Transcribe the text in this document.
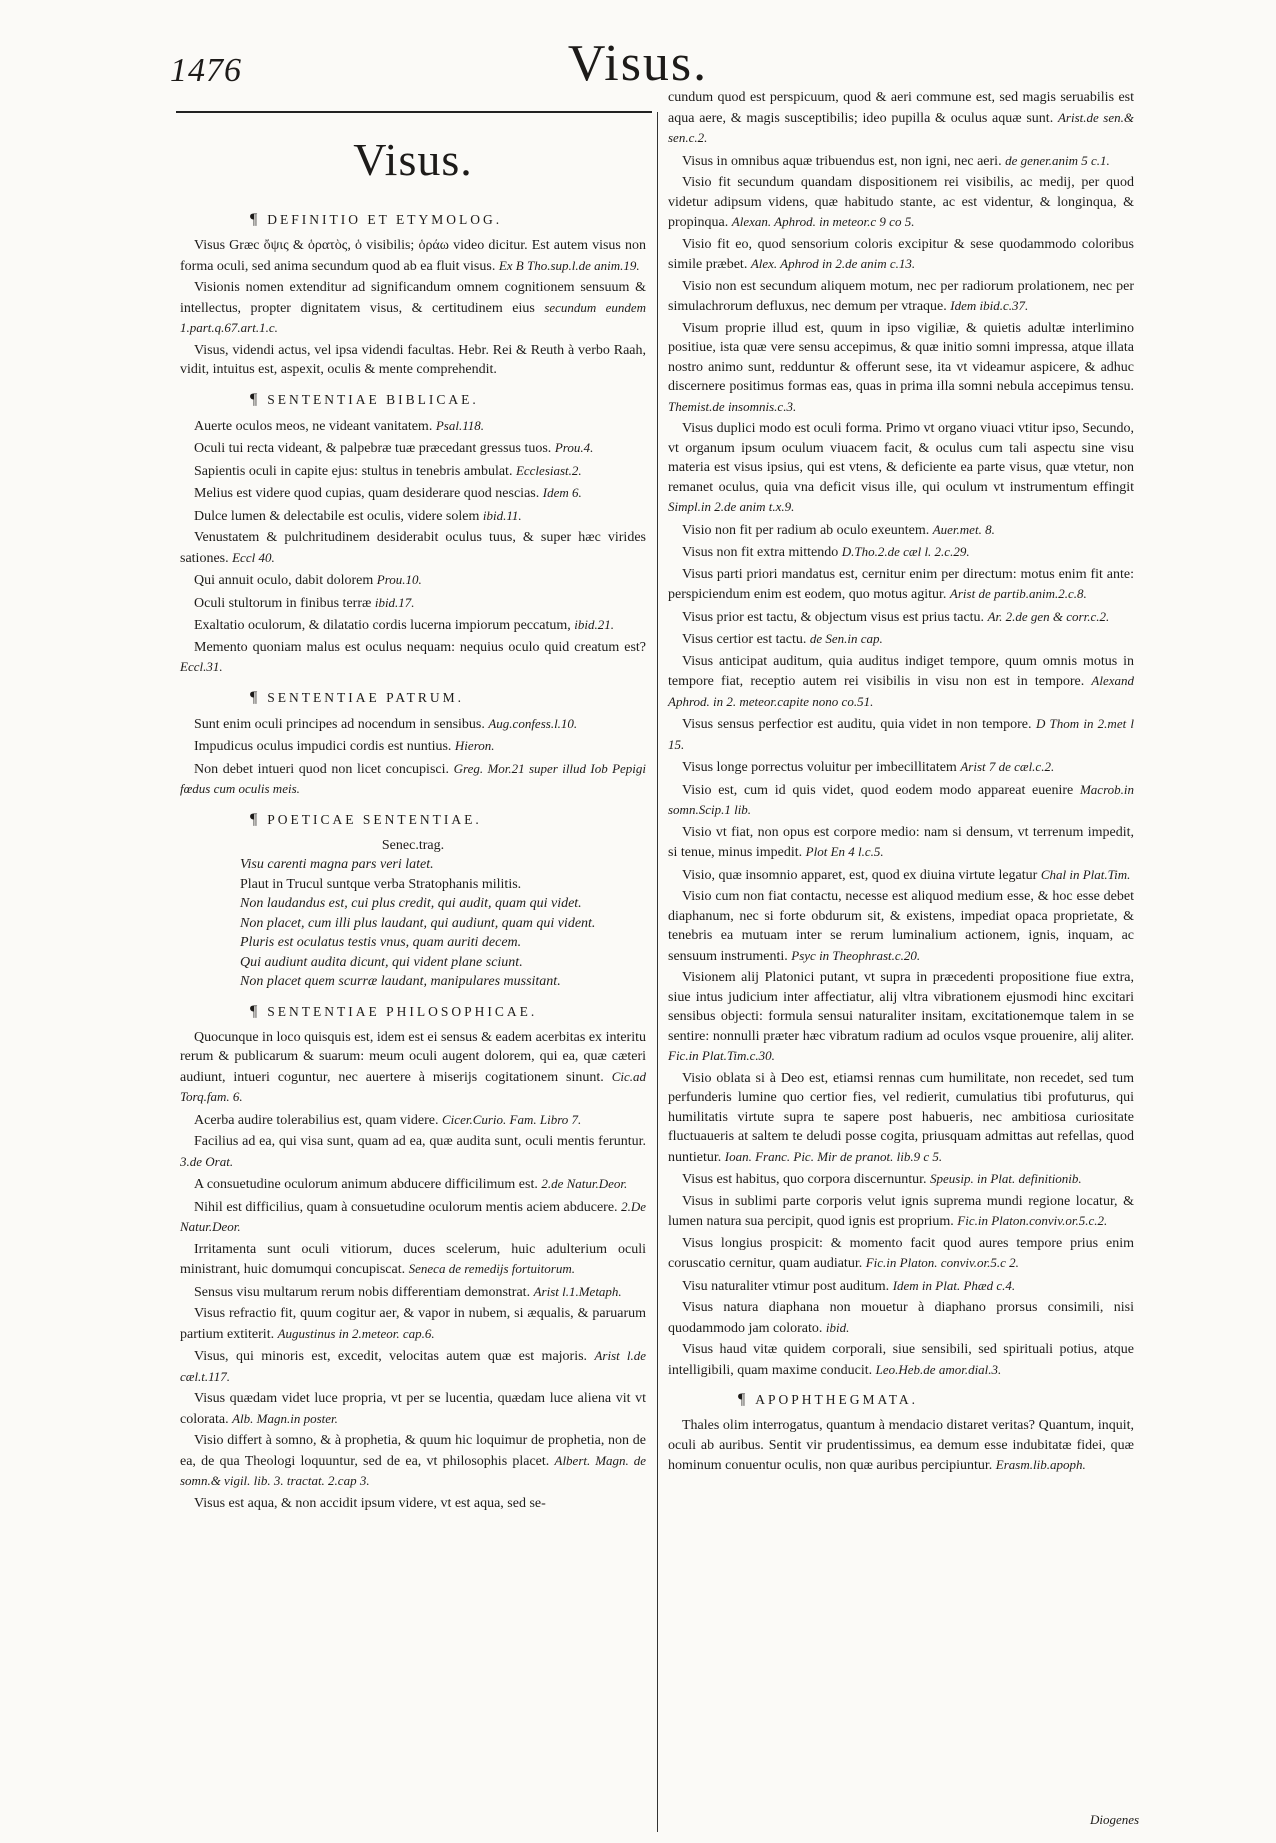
1476	Visus.
Visus.
¶ DEFINITIO ET ETYMOLOG.
Visus Græc ὄψις & ὁρατὸς, ὁ visibilis; ὁράω video dicitur. Est autem visus non forma oculi, sed anima secundum quod ab ea fluit visus. Ex B Tho.sup.l.de anim.19.
Visionis nomen extenditur ad significandum omnem cognitionem sensuum & intellectus, propter dignitatem visus, & certitudinem eius secundum eundem 1.part.q.67.art.1.c.
Visus, videndi actus, vel ipsa videndi facultas. Hebr. Rei & Reuth à verbo Raah, vidit, intuitus est, aspexit, oculis & mente comprehendit.
¶ SENTENTIAE BIBLICAE.
Auerte oculos meos, ne videant vanitatem. Psal.118.
Oculi tui recta videant, & palpebræ tuæ præcedant gressus tuos. Prou.4.
Sapientis oculi in capite ejus: stultus in tenebris ambulat. Ecclesiast.2.
Melius est videre quod cupias, quam desiderare quod nescias. Idem 6.
Dulce lumen & delectabile est oculis, videre solem ibid.11.
Venustatem & pulchritudinem desiderabit oculus tuus, & super hæc virides sationes. Eccl 40.
Qui annuit oculo, dabit dolorem Prou.10.
Oculi stultorum in finibus terræ ibid.17.
Exaltatio oculorum, & dilatatio cordis lucerna impiorum peccatum, ibid.21.
Memento quoniam malus est oculus nequam: nequius oculo quid creatum est? Eccl.31.
¶ SENTENTIAE PATRUM.
Sunt enim oculi principes ad nocendum in sensibus. Aug.confess.l.10.
Impudicus oculus impudici cordis est nuntius. Hieron.
Non debet intueri quod non licet concupisci. Greg. Mor.21 super illud Iob Pepigi fœdus cum oculis meis.
¶ POETICAE SENTENTIAE.
Senec.trag.
Visu carenti magna pars veri latet.
Plaut in Trucul suntque verba Stratophanis militis.
Non laudandus est, cui plus credit, qui audit, quam qui videt.
Non placet, cum illi plus laudant, qui audiunt, quam qui vident.
Pluris est oculatus testis vnus, quam auriti decem.
Qui audiunt audita dicunt, qui vident plane sciunt.
Non placet quem scurræ laudant, manipulares mussitant.
¶ SENTENTIAE PHILOSOPHICAE.
Quocunque in loco quisquis est, idem est ei sensus & eadem acerbitas ex interitu rerum & publicarum & suarum: meum oculi augent dolorem, qui ea, quæ cæteri audiunt, intueri coguntur, nec auertere à miserijs cogitationem sinunt. Cic.ad Torq.fam. 6.
Acerba audire tolerabilius est, quam videre. Cicer.Curio. Fam. Libro 7.
Facilius ad ea, qui visa sunt, quam ad ea, quæ audita sunt, oculi mentis feruntur. 3.de Orat.
A consuetudine oculorum animum abducere difficilimum est. 2.de Natur.Deor.
Nihil est difficilius, quam à consuetudine oculorum mentis aciem abducere. 2.De Natur.Deor.
Irritamenta sunt oculi vitiorum, duces scelerum, huic adulterium oculi ministrant, huic domumqui concupiscat. Seneca de remedijs fortuitorum.
Sensus visu multarum rerum nobis differentiam demonstrat. Arist l.1.Metaph.
Visus refractio fit, quum cogitur aer, & vapor in nubem, si æqualis, & paruarum partium extiterit. Augustinus in 2.meteor. cap.6.
Visus, qui minoris est, excedit, velocitas autem quæ est majoris. Arist l.de cæl.t.117.
Visus quædam videt luce propria, vt per se lucentia, quædam luce aliena vit vt colorata. Alb. Magn.in poster.
Visio differt à somno, & à prophetia, & quum hic loquimur de prophetia, non de ea, de qua Theologi loquuntur, sed de ea, vt philosophis placet. Albert. Magn. de somn.& vigil. lib. 3. tractat. 2.cap 3.
Visus est aqua, & non accidit ipsum videre, vt est aqua, sed se-
cundum quod est perspicuum, quod & aeri commune est, sed magis seruabilis est aqua aere, & magis susceptibilis; ideo pupilla & oculus aquæ sunt. Arist.de sen.& sen.c.2.
Visus in omnibus aquæ tribuendus est, non igni, nec aeri. de gener.anim 5 c.1.
Visio fit secundum quandam dispositionem rei visibilis, ac medij, per quod videtur adipsum videns, quæ habitudo stante, ac est videntur, & longinqua, & propinqua. Alexan. Aphrod. in meteor.c 9 co 5.
Visio fit eo, quod sensorium coloris excipitur & sese quodammodo coloribus simile præbet. Alex. Aphrod in 2.de anim c.13.
Visio non est secundum aliquem motum, nec per radiorum prolationem, nec per simulachrorum defluxus, nec demum per vtraque. Idem ibid.c.37.
Visum proprie illud est, quum in ipso vigiliæ, & quietis adultæ interlimino positiue, ista quæ vere sensu accepimus, & quæ initio somni impressa, atque illata nostro animo sunt, redduntur & offerunt sese, ita vt videamur aspicere, & adhuc discernere positimus formas eas, quas in prima illa somni nebula accepimus tensu. Themist.de insomnis.c.3.
Visus duplici modo est oculi forma. Primo vt organo viuaci vtitur ipso, Secundo, vt organum ipsum oculum viuacem facit, & oculus cum tali aspectu sine visu materia est visus ipsius, qui est vtens, & deficiente ea parte visus, quæ vtetur, non remanet oculus, quia vna deficit visus ille, qui oculum vt instrumentum effingit Simpl.in 2.de anim t.x.9.
Visio non fit per radium ab oculo exeuntem. Auer.met. 8.
Visus non fit extra mittendo D.Tho.2.de cæl l. 2.c.29.
Visus parti priori mandatus est, cernitur enim per directum: motus enim fit ante: perspiciendum enim est eodem, quo motus agitur. Arist de partib.anim.2.c.8.
Visus prior est tactu, & objectum visus est prius tactu. Ar. 2.de gen & corr.c.2.
Visus certior est tactu. de Sen.in cap.
Visus anticipat auditum, quia auditus indiget tempore, quum omnis motus in tempore fiat, receptio autem rei visibilis in visu non est in tempore. Alexand Aphrod. in 2. meteor.capite nono co.51.
Visus sensus perfectior est auditu, quia videt in non tempore. D Thom in 2.met l 15.
Visus longe porrectus voluitur per imbecillitatem Arist 7 de cæl.c.2.
Visio est, cum id quis videt, quod eodem modo appareat euenire Macrob.in somn.Scip.1 lib.
Visio vt fiat, non opus est corpore medio: nam si densum, vt terrenum impedit, si tenue, minus impedit. Plot En 4 l.c.5.
Visio, quæ insomnio apparet, est, quod ex diuina virtute legatur Chal in Plat.Tim.
Visio cum non fiat contactu, necesse est aliquod medium esse, & hoc esse debet diaphanum, nec si forte obdurum sit, & existens, impediat opaca proprietate, & tenebris ea mutuam inter se rerum luminalium actionem, ignis, inquam, ac sensuum instrumenti. Psyc in Theophrast.c.20.
Visionem alij Platonici putant, vt supra in præcedenti propositione fiue extra, siue intus judicium inter affectiatur, alij vltra vibrationem ejusmodi hinc excitari sensibus objecti: formula sensui naturaliter insitam, excitationemque talem in se sentire: nonnulli præter hæc vibratum radium ad oculos vsque prouenire, alij aliter. Fic.in Plat.Tim.c.30.
Visio oblata si à Deo est, etiamsi rennas cum humilitate, non recedet, sed tum perfunderis lumine quo certior fies, vel redierit, cumulatius tibi profuturus, qui humilitatis virtute supra te sapere post habueris, nec ambitiosa curiositate fluctuaueris at saltem te deludi posse cogita, priusquam admittas aut refellas, quod nuntietur. Ioan. Franc. Pic. Mir de pranot. lib.9 c 5.
Visus est habitus, quo corpora discernuntur. Speusip. in Plat. definitionib.
Visus in sublimi parte corporis velut ignis suprema mundi regione locatur, & lumen natura sua percipit, quod ignis est proprium. Fic.in Platon.conviv.or.5.c.2.
Visus longius prospicit: & momento facit quod aures tempore prius enim coruscatio cernitur, quam audiatur. Fic.in Platon. conviv.or.5.c 2.
Visu naturaliter vtimur post auditum. Idem in Plat. Phæd c.4.
Visus natura diaphana non mouetur à diaphano prorsus consimili, nisi quodammodo jam colorato. ibid.
Visus haud vitæ quidem corporali, siue sensibili, sed spirituali potius, atque intelligibili, quam maxime conducit. Leo.Heb.de amor.dial.3.
¶ APOPHTHEGMATA.
Thales olim interrogatus, quantum à mendacio distaret veritas? Quantum, inquit, oculi ab auribus. Sentit vir prudentissimus, ea demum esse indubitatæ fidei, quæ hominum conuentur oculis, non quæ auribus percipiuntur. Erasm.lib.apoph.
Diogenes
